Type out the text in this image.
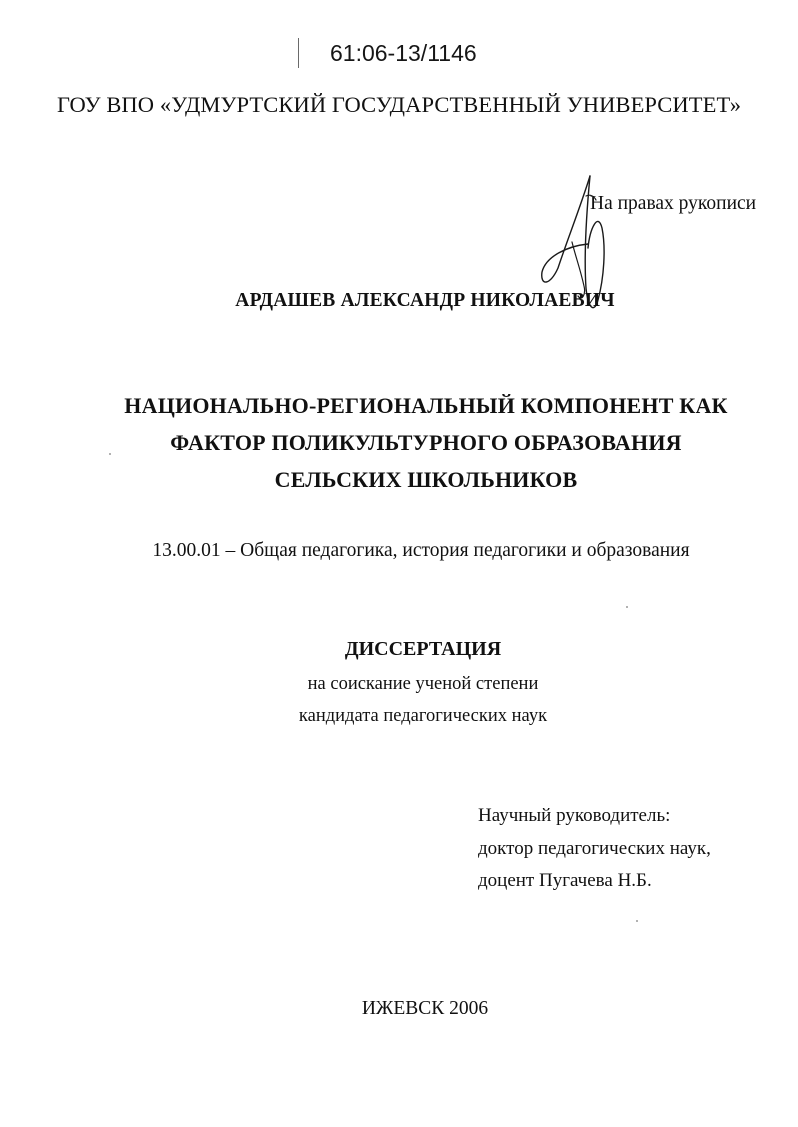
61:06-13/1146
ГОУ ВПО «УДМУРТСКИЙ ГОСУДАРСТВЕННЫЙ УНИВЕРСИТЕТ»
На правах рукописи
АРДАШЕВ АЛЕКСАНДР НИКОЛАЕВИЧ
НАЦИОНАЛЬНО-РЕГИОНАЛЬНЫЙ КОМПОНЕНТ КАК
ФАКТОР ПОЛИКУЛЬТУРНОГО ОБРАЗОВАНИЯ
СЕЛЬСКИХ ШКОЛЬНИКОВ
13.00.01 – Общая педагогика, история педагогики и образования
ДИССЕРТАЦИЯ
на соискание ученой степени
кандидата педагогических наук
Научный руководитель:
доктор педагогических наук,
доцент Пугачева Н.Б.
ИЖЕВСК 2006
